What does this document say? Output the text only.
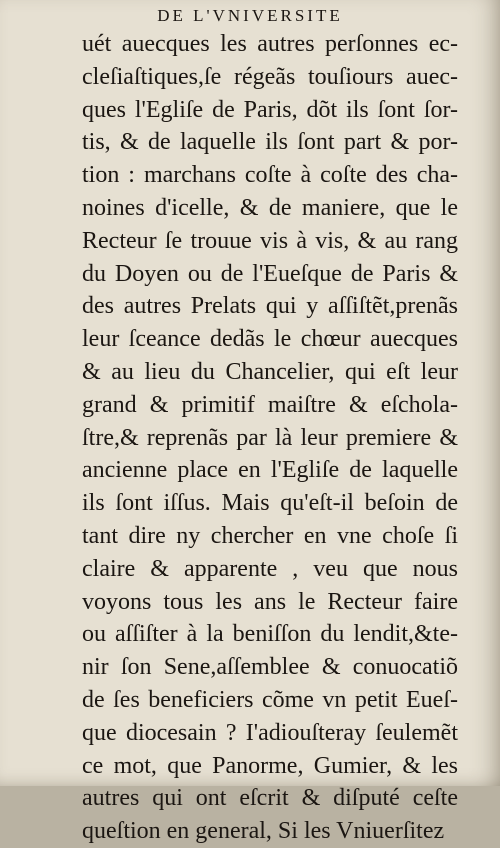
DE L'VNIVERSITE
uét auecques les autres perſonnes ec-
cleſiaſtiques,ſe régeãs touſiours auec-
ques l'Egliſe de Paris, dõt ils ſont ſor-
tis, & de laquelle ils ſont part & por-
tion : marchans coſte à coſte des cha-
noines d'icelle, & de maniere, que le
Recteur ſe trouue vis à vis, & au rang
du Doyen ou de l'Eueſque de Paris &
des autres Prelats qui y aſſiſtẽt,prenãs
leur ſceance dedãs le chœur auecques
& au lieu du Chancelier, qui eſt leur
grand & primitif maiſtre & eſchola-
ſtre,& reprenãs par là leur premiere &
ancienne place en l'Egliſe de laquelle
ils ſont iſſus. Mais qu'eſt-il beſoin de
tant dire ny chercher en vne choſe ſi
claire & apparente , veu que nous
voyons tous les ans le Recteur faire
ou aſſiſter à la beniſſon du lendit,&te-
nir ſon Sene,aſſemblee & conuocatiõ
de ſes beneficiers cõme vn petit Eueſ-
que diocesain ? I'adiouſteray ſeulemẽt
ce mot, que Panorme, Gumier, & les
autres qui ont eſcrit & diſputé ceſte
queſtion en general, Si les Vniuerſitez
